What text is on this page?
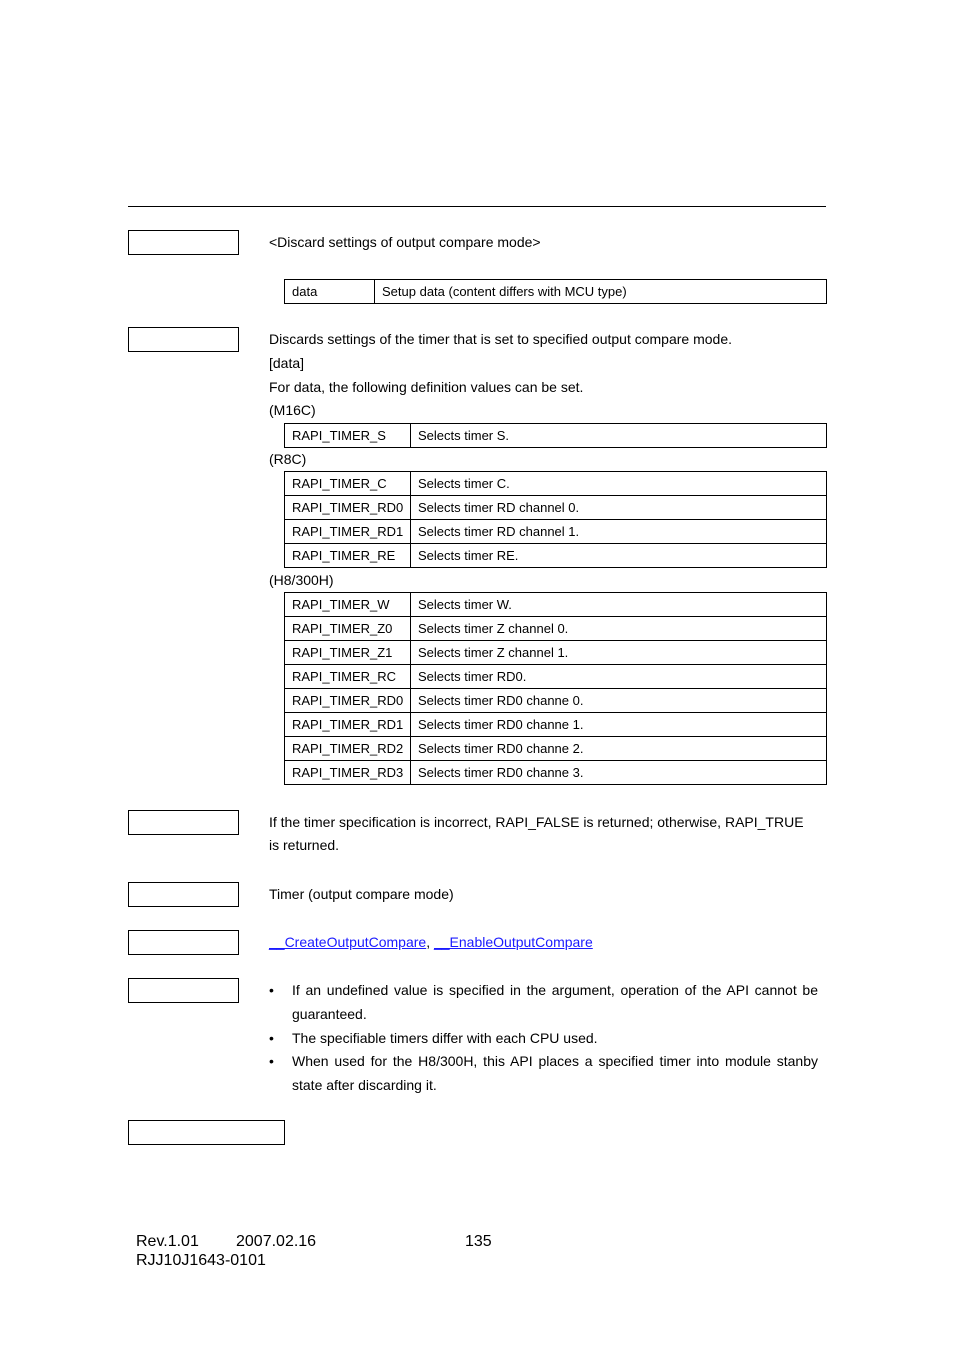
<Discard settings of output compare mode>
data	Setup data (content differs with MCU type)
Discards settings of the timer that is set to specified output compare mode.
[data]
For data, the following definition values can be set.
(M16C)
RAPI_TIMER_S	Selects timer S.
(R8C)
RAPI_TIMER_C	Selects timer C.
RAPI_TIMER_RD0	Selects timer RD channel 0.
RAPI_TIMER_RD1	Selects timer RD channel 1.
RAPI_TIMER_RE	Selects timer RE.
(H8/300H)
RAPI_TIMER_W	Selects timer W.
RAPI_TIMER_Z0	Selects timer Z channel 0.
RAPI_TIMER_Z1	Selects timer Z channel 1.
RAPI_TIMER_RC	Selects timer RD0.
RAPI_TIMER_RD0	Selects timer RD0 channe 0.
RAPI_TIMER_RD1	Selects timer RD0 channe 1.
RAPI_TIMER_RD2	Selects timer RD0 channe 2.
RAPI_TIMER_RD3	Selects timer RD0 channe 3.
If the timer specification is incorrect, RAPI_FALSE is returned; otherwise, RAPI_TRUE
is returned.
Timer (output compare mode)
__CreateOutputCompare, __EnableOutputCompare
• If an undefined value is specified in the argument, operation of the API cannot be guaranteed.
• The specifiable timers differ with each CPU used.
• When used for the H8/300H, this API places a specified timer into module stanby state after discarding it.
Rev.1.01 2007.02.16	135
RJJ10J1643-0101
